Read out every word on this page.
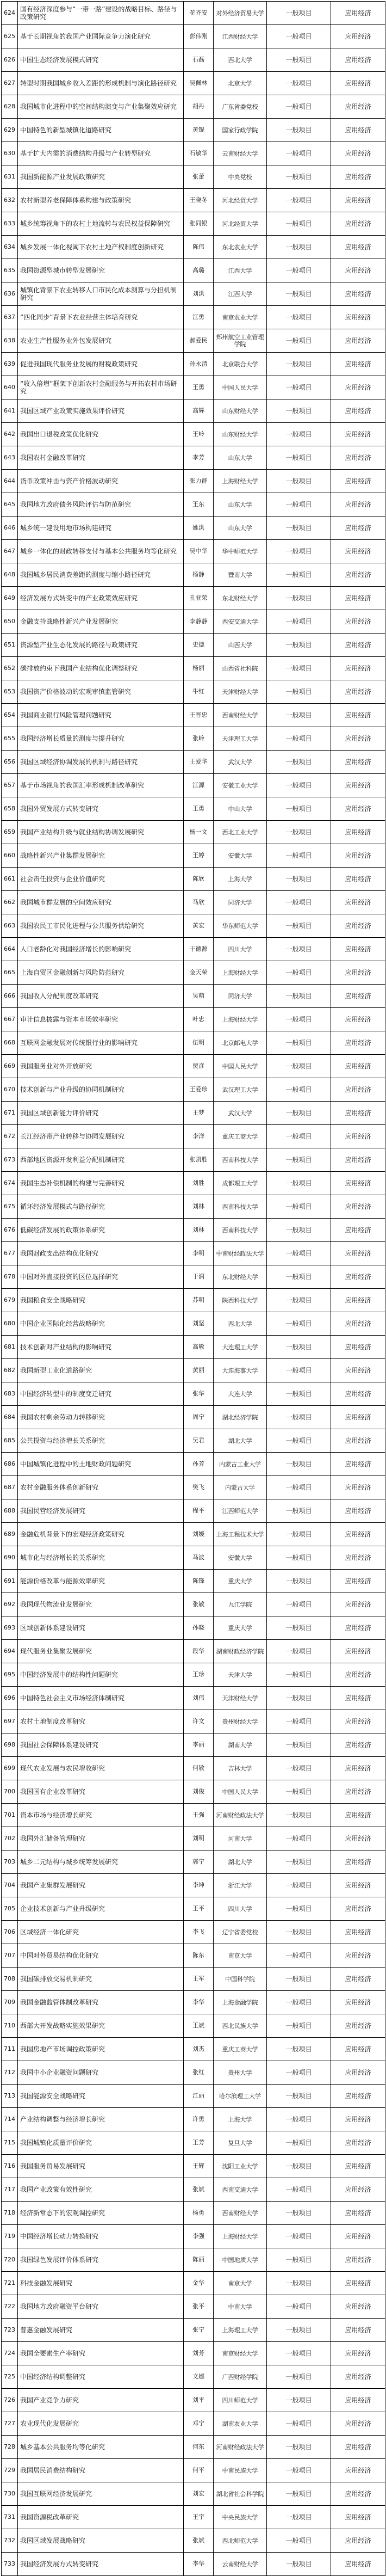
624	国有经济深度参与“一带一路”建设的战略目标、路径与政策研究	花齐安	对外经济贸易大学	一般项目	应用经济
625	基于长期视角的我国产业国际竞争力演化研究	彭伟刚	江西财经大学	一般项目	应用经济
626	中国生态经济发展模式研究	石磊	西北大学	一般项目	应用经济
627	转型时期我国城乡收入差距的形成机制与演化路径研究	吴佩林	北京大学	一般项目	应用经济
628	我国城市化进程中的空间结构演变与产业集聚效应研究	胡丹	广东省委党校	一般项目	应用经济
629	中国特色的新型城镇化道路研究	黄锟	国家行政学院	一般项目	应用经济
630	基于扩大内需的消费结构升级与产业转型研究	石敏华	云南财经大学	一般项目	应用经济
631	我国新能源产业发展政策研究	张蕾	中央党校	一般项目	应用经济
632	农村新型养老保障体系构建与政策研究	王晓冬	河北经贸大学	一般项目	应用经济
633	城乡统筹视角下的农村土地流转与农民权益保障研究	张同银	河北经贸大学	一般项目	应用经济
634	城乡发展一体化视阈下农村土地产权制度创新研究	陈伟	东北农业大学	一般项目	应用经济
635	我国资源型城市转型发展研究	高璐	江西大学	一般项目	应用经济
636	城镇化背景下农业转移人口市民化成本测算与分担机制研究	刘洪	江西大学	一般项目	应用经济
637	“四化同步”背景下农业经营主体培育研究	江勇	南京农业大学	一般项目	应用经济
638	农业生产性服务业外包发展研究	郝爱民	郑州航空工业管理学院	一般项目	应用经济
639	促进我国现代服务业发展的财税政策研究	孙永清	北京联合大学	一般项目	应用经济
640	“收入倍增”框架下创新农村金融服务与开拓农村市场研究	王勇	中国人民大学	一般项目	应用经济
641	我国区域产业政策实施效果评价研究	高辉	山东财经大学	一般项目	应用经济
642	我国出口退税政策优化研究	王岭	山东财经大学	一般项目	应用经济
643	我国农村金融改革研究	李芳	山东大学	一般项目	应用经济
644	货币政策冲击与资产价格波动研究	张力群	上海财经大学	一般项目	应用经济
645	我国地方政府债务风险评估与防范研究	王东	山东大学	一般项目	应用经济
646	城乡统一建设用地市场构建研究	姚洪	山东大学	一般项目	应用经济
647	城乡一体化的财政转移支付与基本公共服务均等化研究	吴中华	华中师范大学	一般项目	应用经济
648	我国城乡居民消费差距的测度与缩小路径研究	杨静	暨南大学	一般项目	应用经济
649	经济发展方式转变中的产业政策效应研究	孔亚荣	东北财经大学	一般项目	应用经济
650	金融支持战略性新兴产业发展研究	李静静	西安交通大学	一般项目	应用经济
651	资源型产业生态化发展的路径与政策研究	史德	山西大学	一般项目	应用经济
652	碳排放约束下我国产业结构优化调整研究	杨丽	山西省社科院	一般项目	应用经济
653	我国资产价格波动的宏观审慎监管研究	牛红	天津财经大学	一般项目	应用经济
654	我国商业银行风险管理问题研究	王晋忠	西南财经大学	一般项目	应用经济
655	我国经济增长质量的测度与提升研究	张岭	天津理工大学	一般项目	应用经济
656	我国区域经济协调发展的机制与路径研究	王爱华	武汉大学	一般项目	应用经济
657	基于市场视角的我国汇率形成机制改革研究	江源	安徽工业大学	一般项目	应用经济
658	我国外贸发展方式转变研究	王勇	中山大学	一般项目	应用经济
659	我国产业结构升级与就业结构协调发展研究	杨一文	西北工业大学	一般项目	应用经济
660	战略性新兴产业集群发展研究	王婷	安徽大学	一般项目	应用经济
661	社会责任投资与企业价值研究	陈欣	上海大学	一般项目	应用经济
662	我国城市群发展的空间效应研究	马欣	同济大学	一般项目	应用经济
663	我国农民工市民化进程与公共服务供给研究	黄宏	华东师范大学	一般项目	应用经济
664	人口老龄化对我国经济增长的影响研究	于德源	四川大学	一般项目	应用经济
665	上海自贸区金融创新与风险防范研究	金天荣	上海财经大学	一般项目	应用经济
666	我国收入分配制度改革研究	吴萌	同济大学	一般项目	应用经济
667	审计信息披露与资本市场效率研究	叶忠	上海财经大学	一般项目	应用经济
668	互联网金融发展对传统银行业的影响研究	伍明	北京邮电大学	一般项目	应用经济
669	我国服务业对外开放研究	贾彦	中国人民大学	一般项目	应用经济
670	技术创新与产业升级的协同机制研究	王爱珍	武汉理工大学	一般项目	应用经济
671	我国区域创新能力评价研究	王梦	武汉大学	一般项目	应用经济
672	长江经济带产业转移与协同发展研究	李洋	重庆工商大学	一般项目	应用经济
673	西部地区资源开发利益分配机制研究	张凯胜	西南科技大学	一般项目	应用经济
674	我国生态补偿机制的构建与完善研究	刘胜	成都理工大学	一般项目	应用经济
675	循环经济发展模式与路径研究	刘林	西南科技大学	一般项目	应用经济
676	低碳经济发展的政策体系研究	刘林	西南科技大学	一般项目	应用经济
677	我国财政支出结构优化研究	李明	中南财经政法大学	一般项目	应用经济
678	中国对外直接投资的区位选择研究	于润	东北财经大学	一般项目	应用经济
679	我国粮食安全战略研究	苏明	陕西科技大学	一般项目	应用经济
680	中国企业国际化经营战略研究	刘坚	西北大学	一般项目	应用经济
681	技术创新对产业结构的影响研究	高敏	大连理工大学	一般项目	应用经济
682	我国新型工业化道路研究	黄丽	大连海事大学	一般项目	应用经济
683	中国经济转型中的制度变迁研究	张华	大连大学	一般项目	应用经济
684	我国农村剩余劳动力转移研究	周宁	湖北经济学院	一般项目	应用经济
685	公共投资与经济增长关系研究	吴君	湖北大学	一般项目	应用经济
686	中国城镇化进程中的土地财政问题研究	孙芳	内蒙古工业大学	一般项目	应用经济
687	农村金融服务体系创新研究	樊飞	内蒙古大学	一般项目	应用经济
688	我国民营经济发展研究	程平	江西师范大学	一般项目	应用经济
689	金融危机背景下的宏观经济政策研究	刘媛	上海工程技术大学	一般项目	应用经济
690	城市化与经济增长的关系研究	马波	安徽大学	一般项目	应用经济
691	能源价格改革与能源效率研究	陈锋	重庆大学	一般项目	应用经济
692	我国现代物流业发展研究	张敏	九江学院	一般项目	应用经济
693	区域创新体系建设研究	孙晓	重庆大学	一般项目	应用经济
694	现代服务业集聚发展研究	段华	湖南财政经济学院	一般项目	应用经济
695	中国经济发展中的结构性问题研究	王珍	天津大学	一般项目	应用经济
696	中国特色社会主义市场经济体制研究	刘伟	天津财经大学	一般项目	应用经济
697	农村土地制度改革研究	许文	贵州财经大学	一般项目	应用经济
698	我国社会保障体系建设研究	李丽	湖南大学	一般项目	应用经济
699	现代农业发展与农民增收研究	何敏	吉林大学	一般项目	应用经济
700	我国国有企业改革研究	刘俊	中国人民大学	一般项目	应用经济
701	资本市场与经济增长研究	王强	河南财经政法大学	一般项目	应用经济
702	我国外汇储备管理研究	刘明	河南大学	一般项目	应用经济
703	城乡二元结构与城乡统筹发展研究	郭宁	湖北大学	一般项目	应用经济
704	我国产业集群发展研究	李坤	浙江大学	一般项目	应用经济
705	企业技术创新与产业升级研究	王平	四川大学	一般项目	应用经济
706	区域经济一体化研究	李飞	辽宁省委党校	一般项目	应用经济
707	中国对外贸易结构优化研究	陈东	南京大学	一般项目	应用经济
708	我国碳排放交易机制研究	王军	中国科学院	一般项目	应用经济
709	我国金融监管体制改革研究	李华	上海金融学院	一般项目	应用经济
710	西部大开发战略实施效果研究	王斌	西北民族大学	一般项目	应用经济
711	我国房地产市场调控政策研究	刘杰	重庆工商大学	一般项目	应用经济
712	我国中小企业融资问题研究	张红	贵州大学	一般项目	应用经济
713	我国能源安全战略研究	江丽	哈尔滨理工大学	一般项目	应用经济
714	产业结构调整与经济增长研究	许勇	上海大学	一般项目	应用经济
715	我国城镇化质量评价研究	王芳	复旦大学	一般项目	应用经济
716	我国服务贸易发展研究	王辉	沈阳工业大学	一般项目	应用经济
717	我国产业政策有效性研究	张斌	西南交通大学	一般项目	应用经济
718	经济新常态下的宏观调控研究	杨勇	西南财经大学	一般项目	应用经济
719	中国经济增长动力转换研究	李强	上海财经大学	一般项目	应用经济
720	我国绿色发展评价体系研究	陈丽	中国地质大学	一般项目	应用经济
721	科技金融发展研究	金华	南京大学	一般项目	应用经济
722	我国地方政府融资平台研究	张平	中南大学	一般项目	应用经济
723	普惠金融发展研究	张宁	上海理工大学	一般项目	应用经济
724	我国全要素生产率研究	刘芳	南京财经大学	一般项目	应用经济
725	中国经济结构调整研究	文娜	广西财经学院	一般项目	应用经济
726	我国产业竞争力研究	刘平	四川师范大学	一般项目	应用经济
727	农业现代化发展研究	邓宁	湖南农业大学	一般项目	应用经济
728	城乡基本公共服务均等化研究	何东	河南财经政法大学	一般项目	应用经济
729	我国居民消费结构研究	何平	中南民族大学	一般项目	应用经济
730	我国互联网经济发展研究	刘宏	湖北省社会科学院	一般项目	应用经济
731	我国资源税改革研究	王宇	中央民族大学	一般项目	应用经济
732	我国区域发展战略研究	张斌	西北师范大学	一般项目	应用经济
733	我国经济发展方式转变研究	李华	云南财经大学	一般项目	应用经济
